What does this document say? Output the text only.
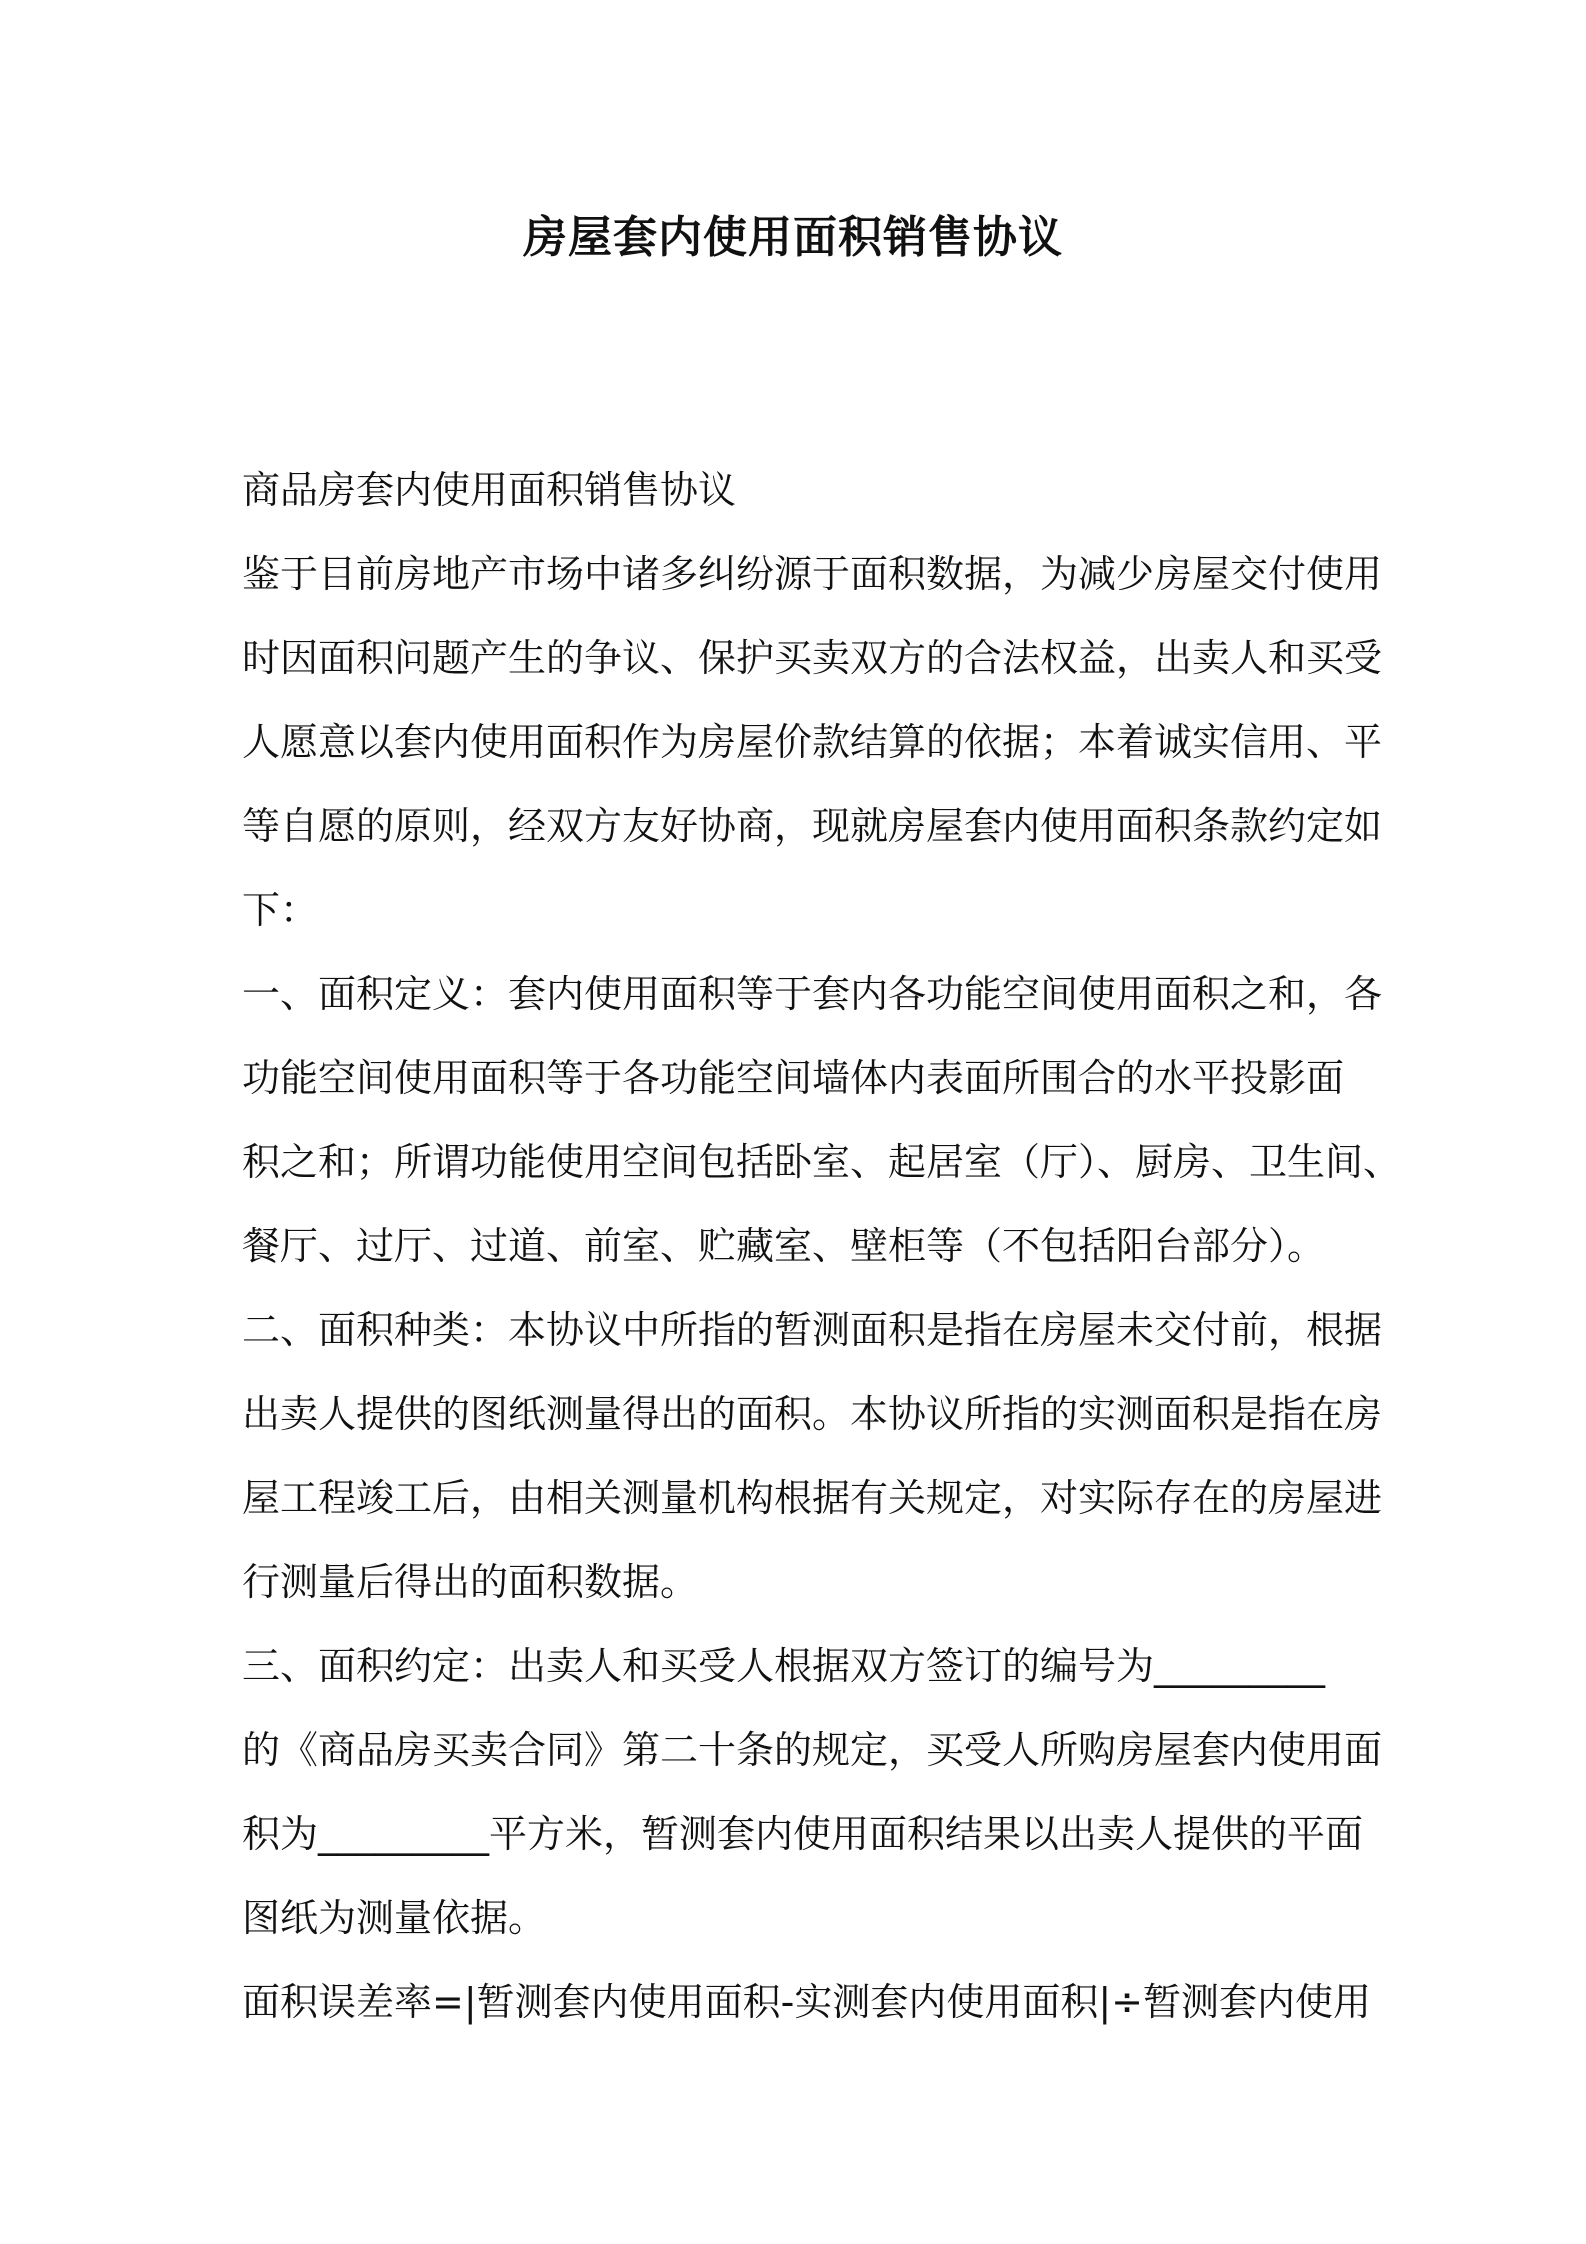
房屋套内使用面积销售协议

商品房套内使用面积销售协议

鉴于目前房地产市场中诸多纠纷源于面积数据，为减少房屋交付使用

时因面积问题产生的争议、保护买卖双方的合法权益，出卖人和买受

人愿意以套内使用面积作为房屋价款结算的依据；本着诚实信用、平

等自愿的原则，经双方友好协商，现就房屋套内使用面积条款约定如

下：

一、面积定义：套内使用面积等于套内各功能空间使用面积之和，各

功能空间使用面积等于各功能空间墙体内表面所围合的水平投影面

积之和；所谓功能使用空间包括卧室、起居室（厅）、厨房、卫生间、

餐厅、过厅、过道、前室、贮藏室、壁柜等（不包括阳台部分）。

二、面积种类：本协议中所指的暂测面积是指在房屋未交付前，根据

出卖人提供的图纸测量得出的面积。本协议所指的实测面积是指在房

屋工程竣工后，由相关测量机构根据有关规定，对实际存在的房屋进

行测量后得出的面积数据。

三、面积约定：出卖人和买受人根据双方签订的编号为_________

的《商品房买卖合同》第二十条的规定，买受人所购房屋套内使用面

积为_________平方米，暂测套内使用面积结果以出卖人提供的平面

图纸为测量依据。

面积误差率=|暂测套内使用面积-实测套内使用面积|÷暂测套内使用
